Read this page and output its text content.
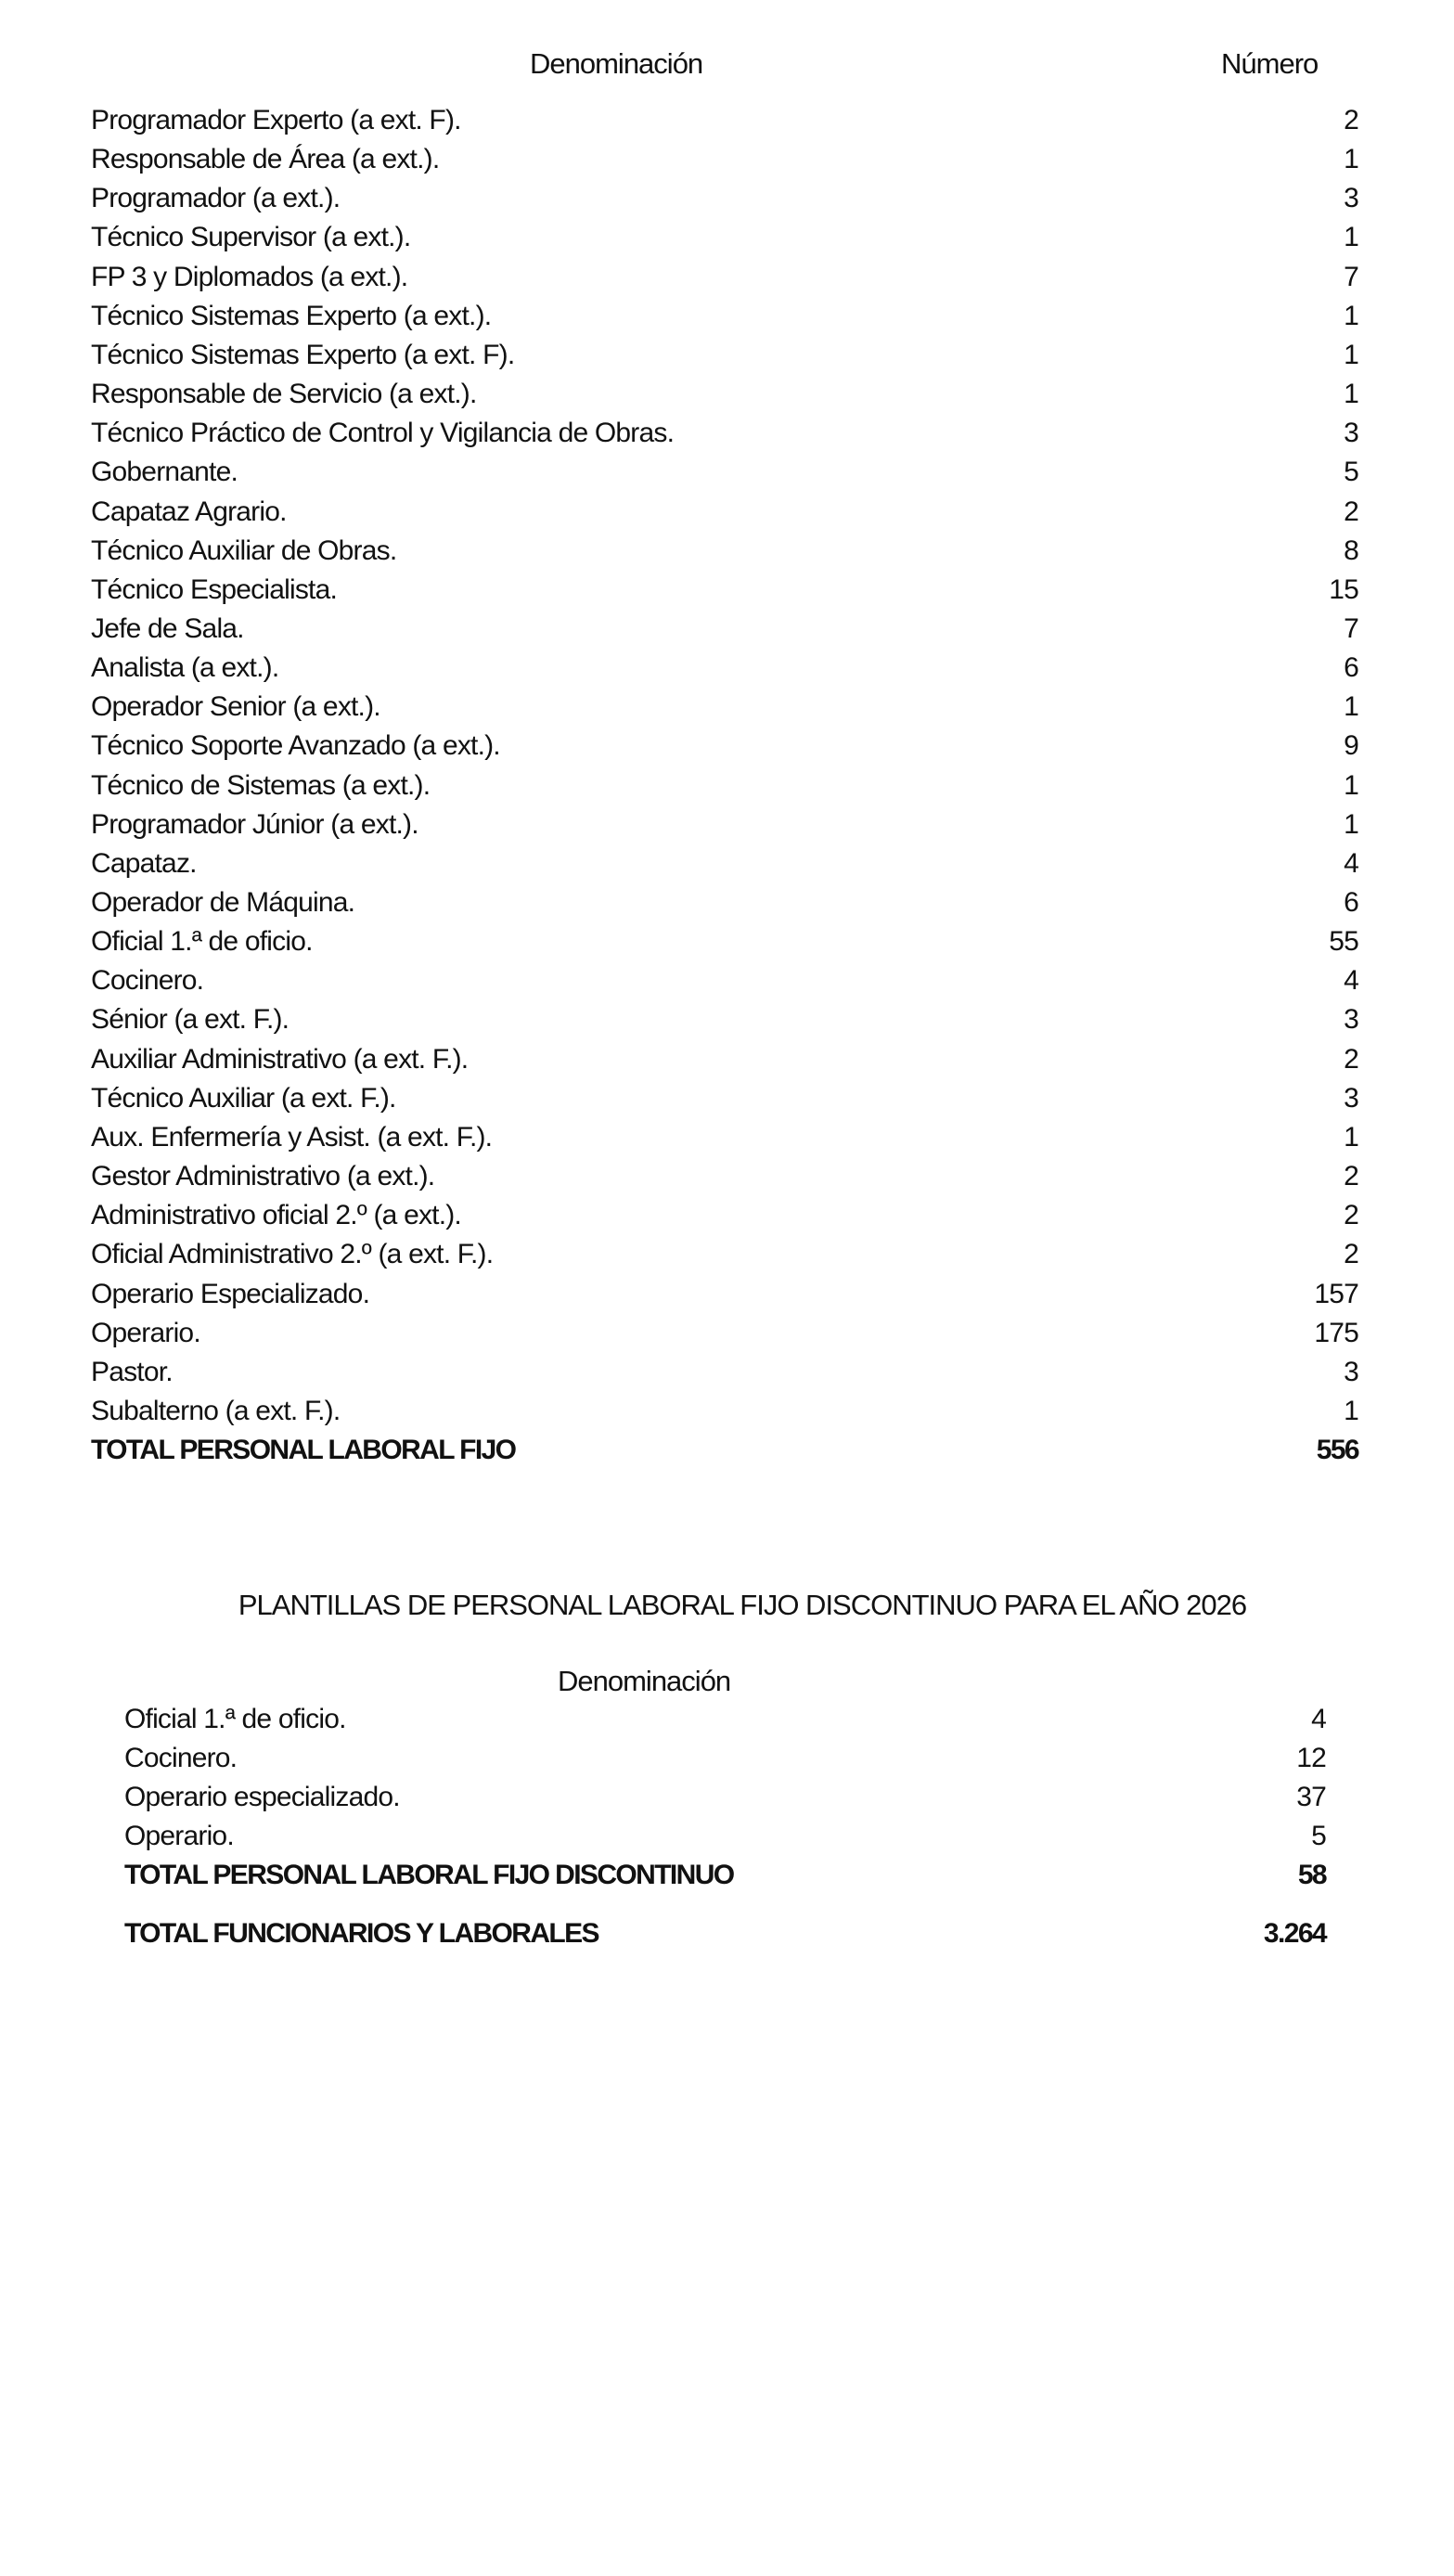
Denominación	Número
Programador Experto (a ext. F).	2
Responsable de Área (a ext.).	1
Programador (a ext.).	3
Técnico Supervisor (a ext.).	1
FP 3 y Diplomados (a ext.).	7
Técnico Sistemas Experto (a ext.).	1
Técnico Sistemas Experto (a ext. F).	1
Responsable de Servicio (a ext.).	1
Técnico Práctico de Control y Vigilancia de Obras.	3
Gobernante.	5
Capataz Agrario.	2
Técnico Auxiliar de Obras.	8
Técnico Especialista.	15
Jefe de Sala.	7
Analista (a ext.).	6
Operador Senior (a ext.).	1
Técnico Soporte Avanzado (a ext.).	9
Técnico de Sistemas (a ext.).	1
Programador Júnior (a ext.).	1
Capataz.	4
Operador de Máquina.	6
Oficial 1.ª de oficio.	55
Cocinero.	4
Sénior (a ext. F.).	3
Auxiliar Administrativo (a ext. F.).	2
Técnico Auxiliar (a ext. F.).	3
Aux. Enfermería y Asist. (a ext. F.).	1
Gestor Administrativo (a ext.).	2
Administrativo oficial 2.º (a ext.).	2
Oficial Administrativo 2.º (a ext. F.).	2
Operario Especializado.	157
Operario.	175
Pastor.	3
Subalterno (a ext. F.).	1
TOTAL PERSONAL LABORAL FIJO	556
PLANTILLAS DE PERSONAL LABORAL FIJO DISCONTINUO PARA EL AÑO 2026
Denominación
Oficial 1.ª de oficio.	4
Cocinero.	12
Operario especializado.	37
Operario.	5
TOTAL PERSONAL LABORAL FIJO DISCONTINUO	58
TOTAL FUNCIONARIOS Y LABORALES	3.264
